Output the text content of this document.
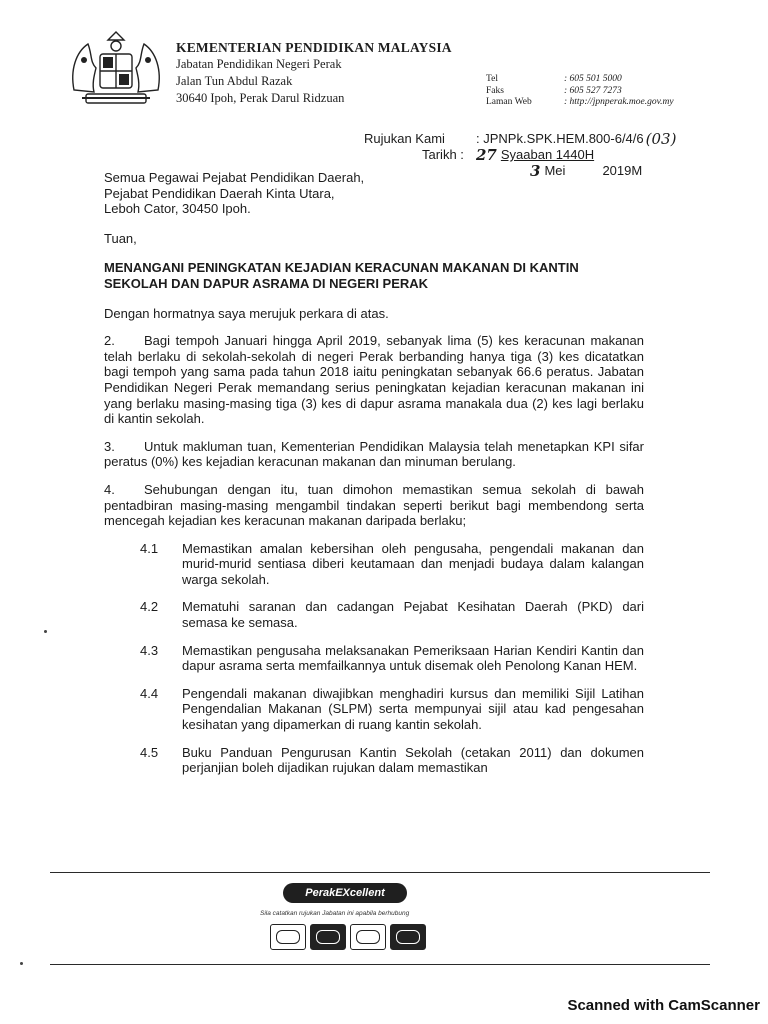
KEMENTERIAN PENDIDIKAN MALAYSIA
Jabatan Pendidikan Negeri Perak
Jalan Tun Abdul Razak
30640 Ipoh, Perak Darul Ridzuan
Tel	: 605 501 5000
Faks	: 605 527 7273
Laman Web	: http://jpnperak.moe.gov.my
Rujukan Kami	: JPNPk.SPK.HEM.800-6/4/6 (03)
Tarikh : 27 Syaaban 1440H
3 Mei	2019M
Semua Pegawai Pejabat Pendidikan Daerah,
Pejabat Pendidikan Daerah Kinta Utara,
Leboh Cator, 30450 Ipoh.
Tuan,
MENANGANI PENINGKATAN KEJADIAN KERACUNAN MAKANAN DI KANTIN SEKOLAH DAN DAPUR ASRAMA DI NEGERI PERAK
Dengan hormatnya saya merujuk perkara di atas.
2. Bagi tempoh Januari hingga April 2019, sebanyak lima (5) kes keracunan makanan telah berlaku di sekolah-sekolah di negeri Perak berbanding hanya tiga (3) kes dicatatkan bagi tempoh yang sama pada tahun 2018 iaitu peningkatan sebanyak 66.6 peratus. Jabatan Pendidikan Negeri Perak memandang serius peningkatan kejadian keracunan makanan ini yang berlaku masing-masing tiga (3) kes di dapur asrama manakala dua (2) kes lagi berlaku di kantin sekolah.
3. Untuk makluman tuan, Kementerian Pendidikan Malaysia telah menetapkan KPI sifar peratus (0%) kes kejadian keracunan makanan dan minuman berulang.
4. Sehubungan dengan itu, tuan dimohon memastikan semua sekolah di bawah pentadbiran masing-masing mengambil tindakan seperti berikut bagi membendong serta mencegah kejadian kes keracunan makanan daripada berlaku;
4.1	Memastikan amalan kebersihan oleh pengusaha, pengendali makanan dan murid-murid sentiasa diberi keutamaan dan menjadi budaya dalam kalangan warga sekolah.
4.2	Mematuhi saranan dan cadangan Pejabat Kesihatan Daerah (PKD) dari semasa ke semasa.
4.3	Memastikan pengusaha melaksanakan Pemeriksaan Harian Kendiri Kantin dan dapur asrama serta memfailkannya untuk disemak oleh Penolong Kanan HEM.
4.4	Pengendali makanan diwajibkan menghadiri kursus dan memiliki Sijil Latihan Pengendalian Makanan (SLPM) serta mempunyai sijil atau kad pengesahan kesihatan yang dipamerkan di ruang kantin sekolah.
4.5	Buku Panduan Pengurusan Kantin Sekolah (cetakan 2011) dan dokumen perjanjian boleh dijadikan rujukan dalam memastikan
PerakEXcellent
Sila catatkan rujukan Jabatan ini apabila berhubung
Scanned with CamScanner
